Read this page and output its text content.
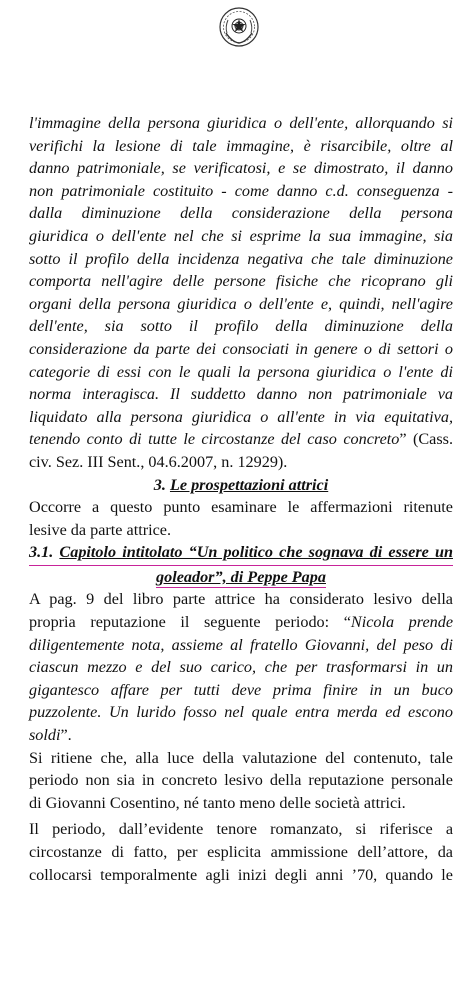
l'immagine della persona giuridica o dell'ente, allorquando si
verifichi la lesione di tale immagine, è risarcibile, oltre al
danno patrimoniale, se verificatosi, e se dimostrato, il danno
non patrimoniale costituito - come danno c.d. conseguenza -
dalla diminuzione della considerazione della persona
giuridica o dell'ente nel che si esprime la sua immagine, sia
sotto il profilo della incidenza negativa che tale diminuzione
comporta nell'agire delle persone fisiche che ricoprano gli
organi della persona giuridica o dell'ente e, quindi, nell'agire
dell'ente, sia sotto il profilo della diminuzione della
considerazione da parte dei consociati in genere o di settori o
categorie di essi con le quali la persona giuridica o l'ente di
norma interagisca. Il suddetto danno non patrimoniale va
liquidato alla persona giuridica o all'ente in via equitativa,
tenendo conto di tutte le circostanze del caso concreto” (Cass.
civ. Sez. III Sent., 04.6.2007, n. 12929).

3. Le prospettazioni attrici

Occorre a questo punto esaminare le affermazioni ritenute
lesive da parte attrice.
3.1. Capitolo intitolato “Un politico che sognava di essere un
goleador”, di Peppe Papa
A pag. 9 del libro parte attrice ha considerato lesivo della
propria reputazione il seguente periodo: “Nicola prende
diligentemente nota, assieme al fratello Giovanni, del peso di
ciascun mezzo e del suo carico, che per trasformarsi in un
gigantesco affare per tutti deve prima finire in un buco
puzzolente. Un lurido fosso nel quale entra merda ed escono
soldi”.
Si ritiene che, alla luce della valutazione del contenuto, tale
periodo non sia in concreto lesivo della reputazione personale
di Giovanni Cosentino, né tanto meno delle società attrici.
Il periodo, dall’evidente tenore romanzato, si riferisce a
circostanze di fatto, per esplicita ammissione dell’attore, da
collocarsi temporalmente agli inizi degli anni ’70, quando le
